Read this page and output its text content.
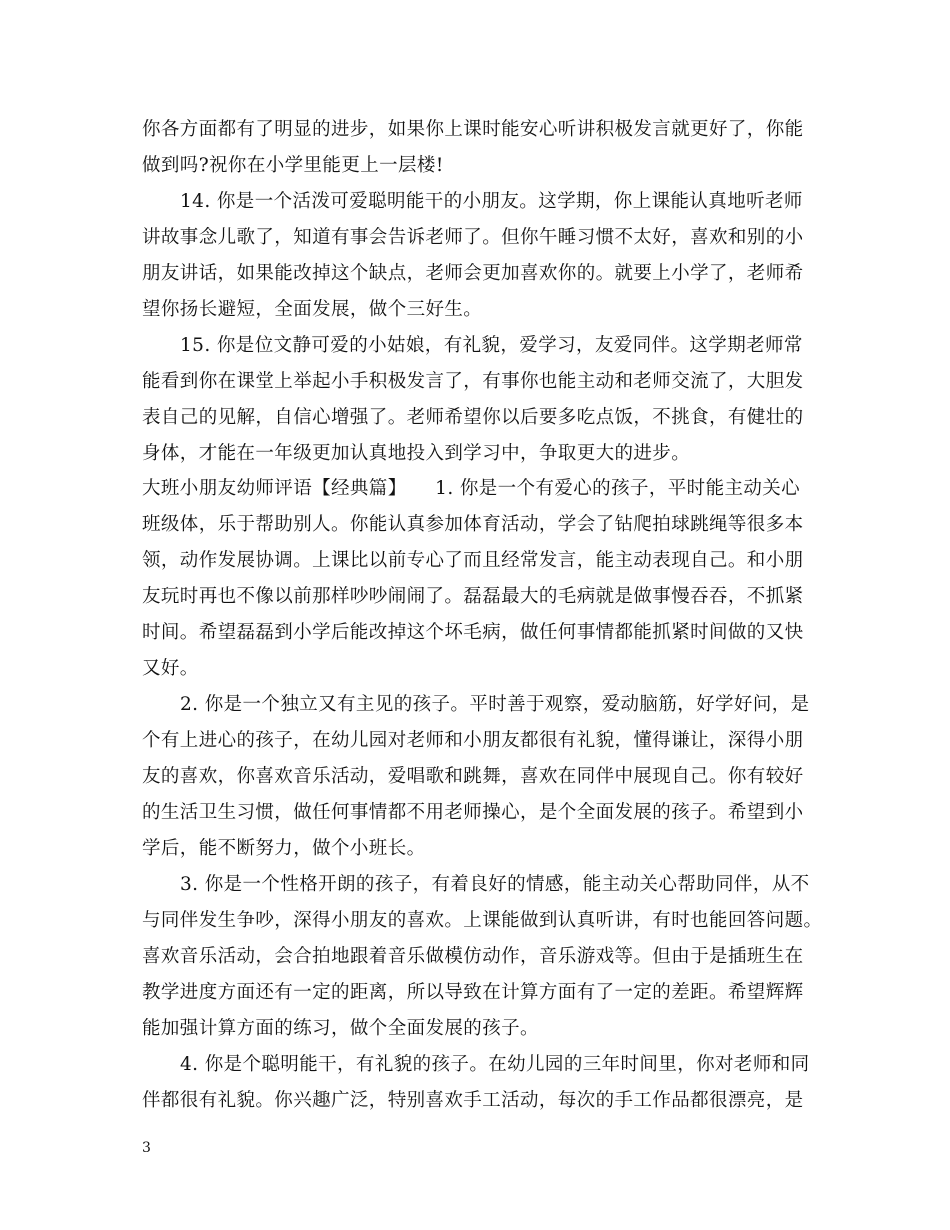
你各方面都有了明显的进步，如果你上课时能安心听讲积极发言就更好了，你能
做到吗?祝你在小学里能更上一层楼!
14. 你是一个活泼可爱聪明能干的小朋友。这学期，你上课能认真地听老师
讲故事念儿歌了，知道有事会告诉老师了。但你午睡习惯不太好，喜欢和别的小
朋友讲话，如果能改掉这个缺点，老师会更加喜欢你的。就要上小学了，老师希
望你扬长避短，全面发展，做个三好生。
15. 你是位文静可爱的小姑娘，有礼貌，爱学习，友爱同伴。这学期老师常
能看到你在课堂上举起小手积极发言了，有事你也能主动和老师交流了，大胆发
表自己的见解，自信心增强了。老师希望你以后要多吃点饭，不挑食，有健壮的
身体，才能在一年级更加认真地投入到学习中，争取更大的进步。
大班小朋友幼师评语【经典篇】　　1. 你是一个有爱心的孩子，平时能主动关心
班级体，乐于帮助别人。你能认真参加体育活动，学会了钻爬拍球跳绳等很多本
领，动作发展协调。上课比以前专心了而且经常发言，能主动表现自己。和小朋
友玩时再也不像以前那样吵吵闹闹了。磊磊最大的毛病就是做事慢吞吞，不抓紧
时间。希望磊磊到小学后能改掉这个坏毛病，做任何事情都能抓紧时间做的又快
又好。
2. 你是一个独立又有主见的孩子。平时善于观察，爱动脑筋，好学好问，是
个有上进心的孩子，在幼儿园对老师和小朋友都很有礼貌，懂得谦让，深得小朋
友的喜欢，你喜欢音乐活动，爱唱歌和跳舞，喜欢在同伴中展现自己。你有较好
的生活卫生习惯，做任何事情都不用老师操心，是个全面发展的孩子。希望到小
学后，能不断努力，做个小班长。
3. 你是一个性格开朗的孩子，有着良好的情感，能主动关心帮助同伴，从不
与同伴发生争吵，深得小朋友的喜欢。上课能做到认真听讲，有时也能回答问题。
喜欢音乐活动，会合拍地跟着音乐做模仿动作，音乐游戏等。但由于是插班生在
教学进度方面还有一定的距离，所以导致在计算方面有了一定的差距。希望辉辉
能加强计算方面的练习，做个全面发展的孩子。
4. 你是个聪明能干，有礼貌的孩子。在幼儿园的三年时间里，你对老师和同
伴都很有礼貌。你兴趣广泛，特别喜欢手工活动，每次的手工作品都很漂亮，是
3
